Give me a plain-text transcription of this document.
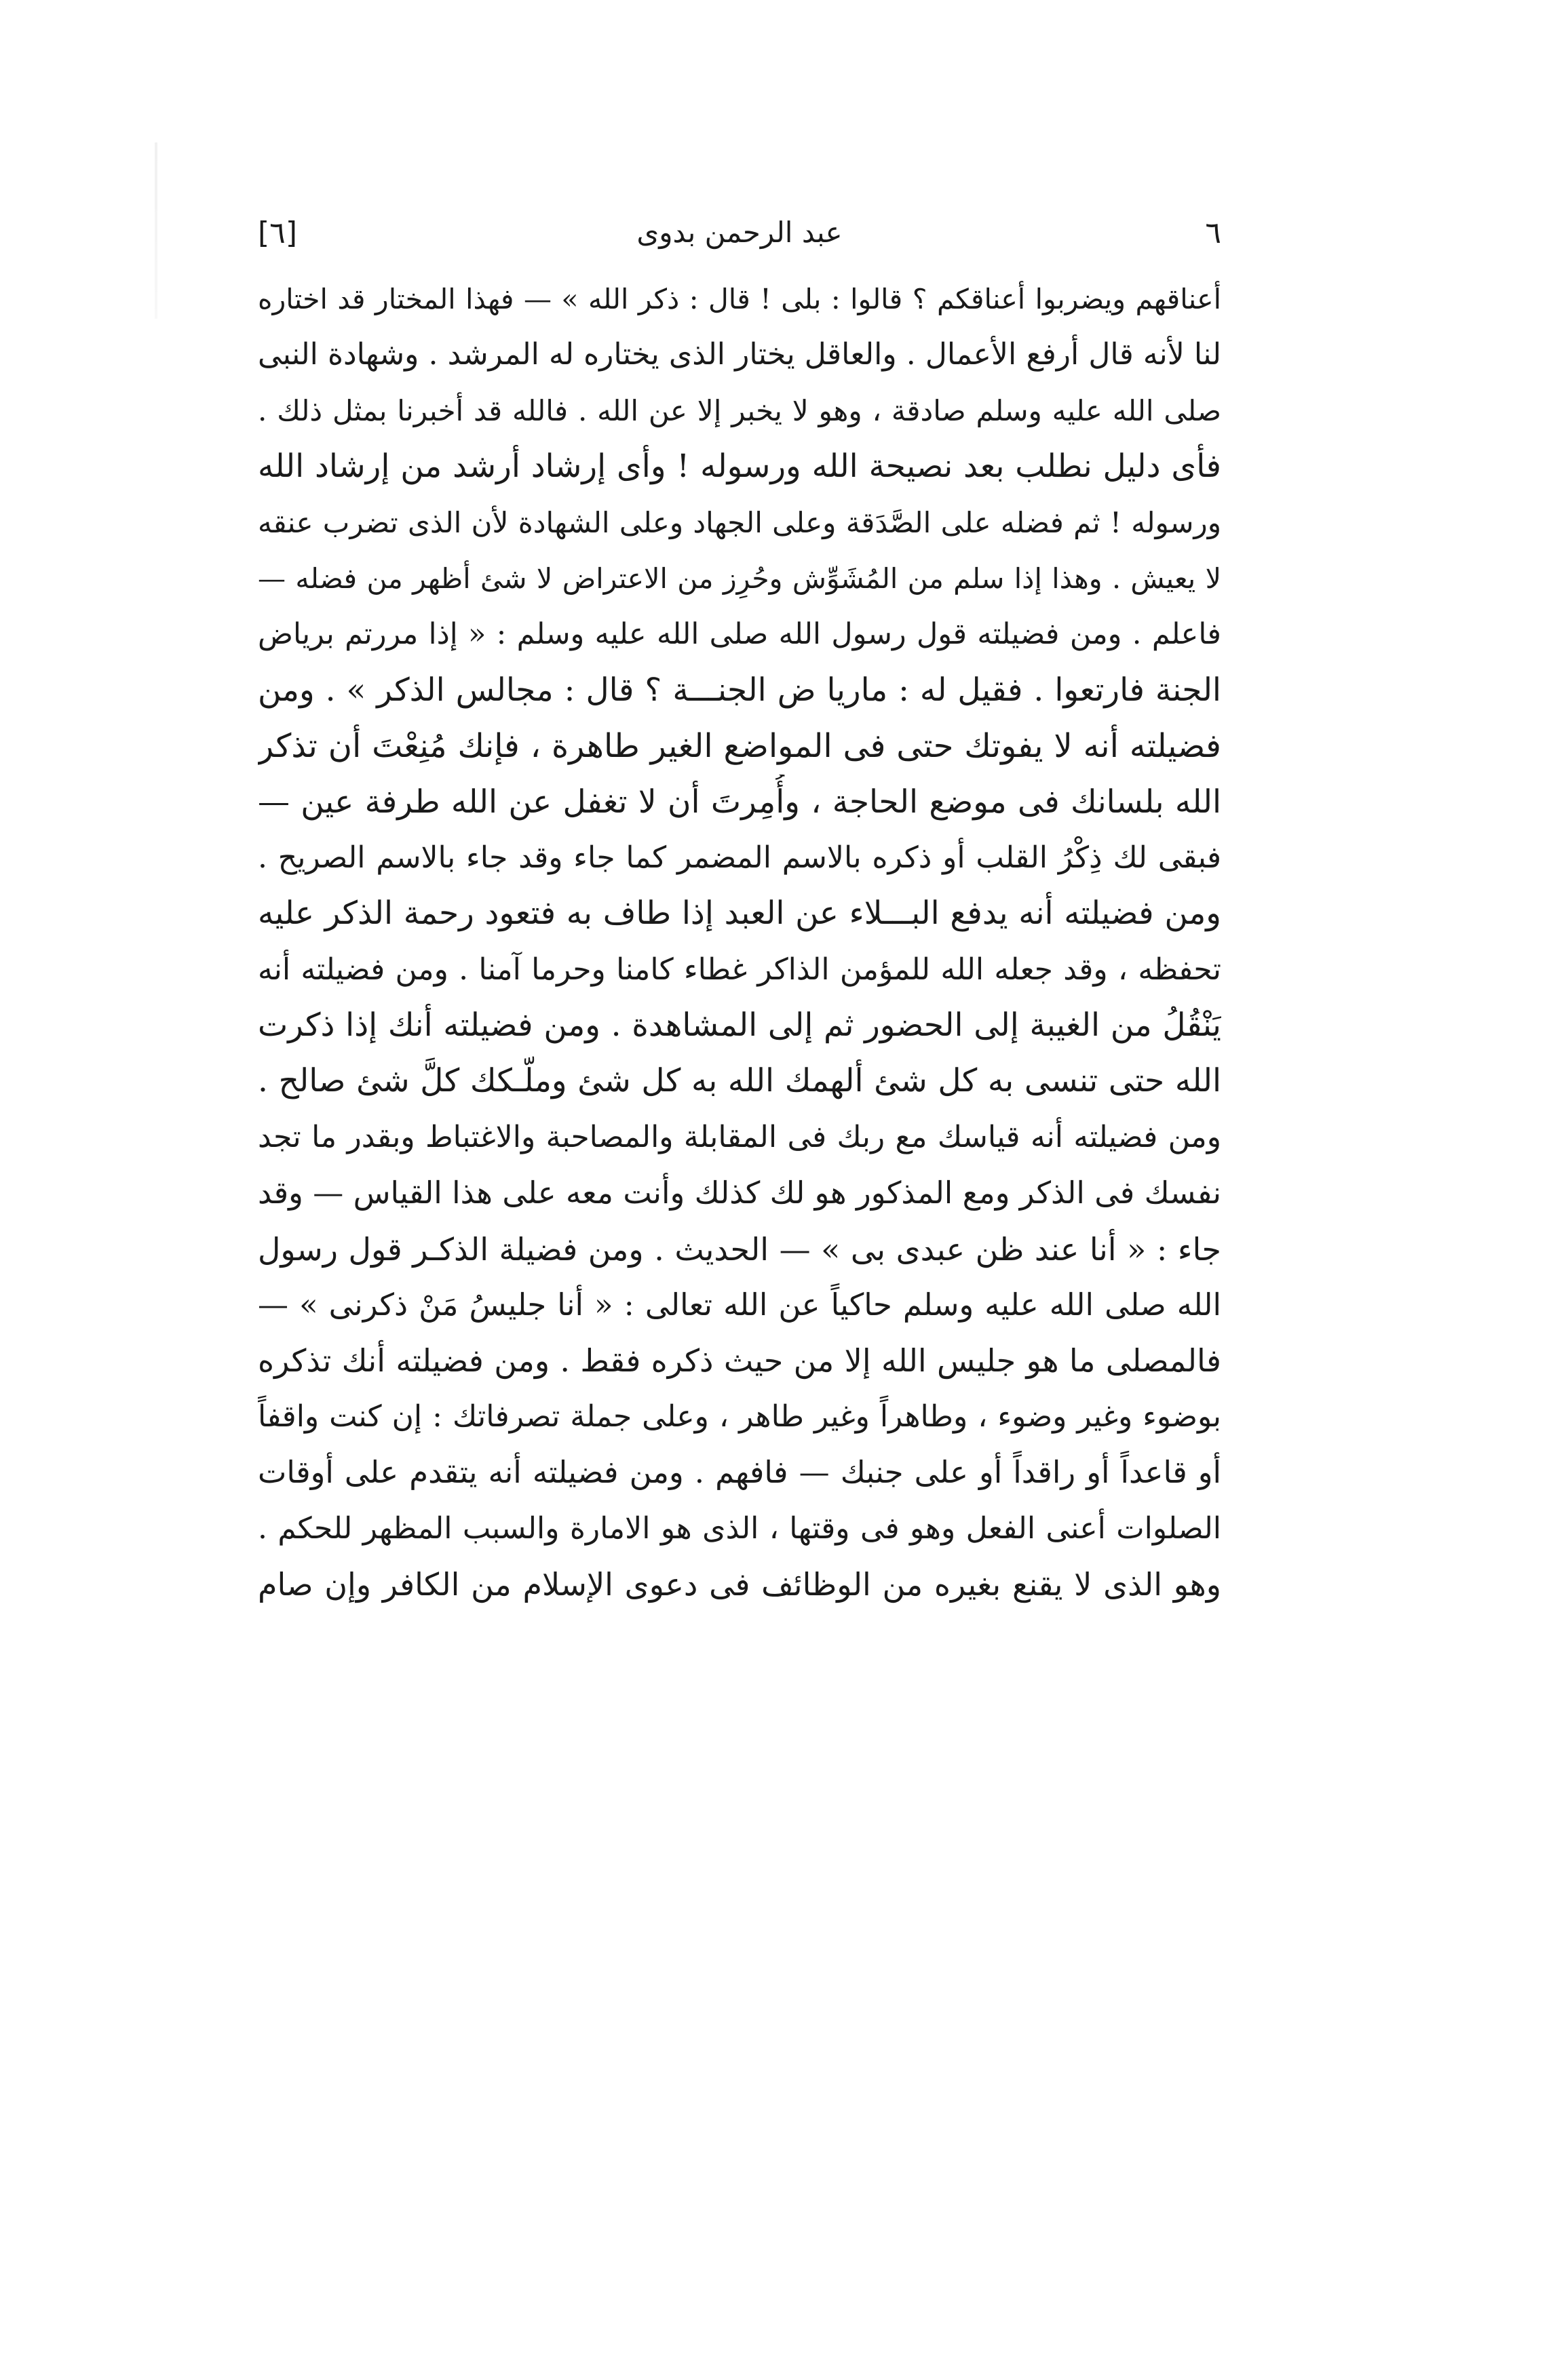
[٦]	عبد الرحمن بدوى	٦
أعناقهم ويضربوا أعناقكم ؟ قالوا : بلى ! قال : ذكر الله » — فهذا المختار قد اختاره
لنا لأنه قال أرفع الأعمال . والعاقل يختار الذى يختاره له المرشد . وشهادة النبى
صلى الله عليه وسلم صادقة ، وهو لا يخبر إلا عن الله . فالله قد أخبرنا بمثل ذلك .
فأى دليل نطلب بعد نصيحة الله ورسوله ! وأى إرشاد أرشد من إرشاد الله
ورسوله ! ثم فضله على الصَّدَقة وعلى الجهاد وعلى الشهادة لأن الذى تضرب عنقه
لا يعيش . وهذا إذا سلم من المُشَوِّش وحُرِز من الاعتراض لا شئ أظهر من فضله —
فاعلم . ومن فضيلته قول رسول الله صلى الله عليه وسلم : « إذا مررتم برياض
الجنة فارتعوا . فقيل له : ماريا ض الجنـــة ؟ قال : مجالس الذكر » . ومن
فضيلته أنه لا يفوتك حتى فى المواضع الغير طاهرة ، فإنك مُنِعْتَ أن تذكر
الله بلسانك فى موضع الحاجة ، وأُمِرتَ أن لا تغفل عن الله طرفة عين —
فبقى لك ذِكْرُ القلب أو ذكره بالاسم المضمر كما جاء وقد جاء بالاسم الصريح .
ومن فضيلته أنه يدفع البـــلاء عن العبد إذا طاف به فتعود رحمة الذكر عليه
تحفظه ، وقد جعله الله للمؤمن الذاكر غطاء كامنا وحرما آمنا . ومن فضيلته أنه
يَنْقُلُ من الغيبة إلى الحضور ثم إلى المشاهدة . ومن فضيلته أنك إذا ذكرت
الله حتى تنسى به كل شئ ألهمك الله به كل شئ وملّـكك كلَّ شئ صالح .
ومن فضيلته أنه قياسك مع ربك فى المقابلة والمصاحبة والاغتباط وبقدر ما تجد
نفسك فى الذكر ومع المذكور هو لك كذلك وأنت معه على هذا القياس — وقد
جاء : « أنا عند ظن عبدى بى » — الحديث . ومن فضيلة الذكـر قول رسول
الله صلى الله عليه وسلم حاكياً عن الله تعالى : « أنا جليسُ مَنْ ذكرنى » —
فالمصلى ما هو جليس الله إلا من حيث ذكره فقط . ومن فضيلته أنك تذكره
بوضوء وغير وضوء ، وطاهراً وغير طاهر ، وعلى جملة تصرفاتك : إن كنت واقفاً
أو قاعداً أو راقداً أو على جنبك — فافهم . ومن فضيلته أنه يتقدم على أوقات
الصلوات أعنى الفعل وهو فى وقتها ، الذى هو الامارة والسبب المظهر للحكم .
وهو الذى لا يقنع بغيره من الوظائف فى دعوى الإسلام من الكافر وإن صام
